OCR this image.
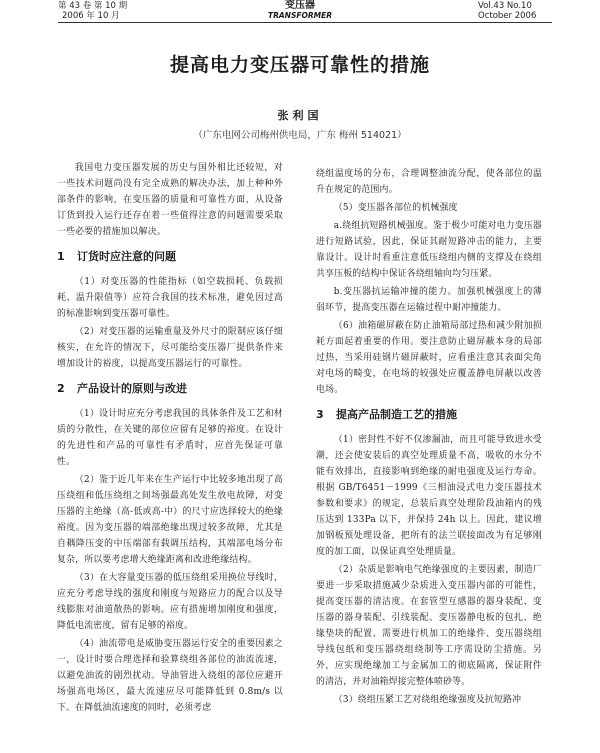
第 43 卷 第 10 期
2006 年 10 月
变压器
TRANSFORMER
Vol.43 No.10
October 2006
提高电力变压器可靠性的措施
张利国
（广东电网公司梅州供电局，广东 梅州 514021）

我国电力变压器发展的历史与国外相比还较短，对一些技术问题尚没有完全成熟的解决办法，加上种种外部条件的影响，在变压器的质量和可靠性方面，从设备订货到投入运行还存在着一些值得注意的问题需要采取一些必要的措施加以解决。

1 订货时应注意的问题

（1）对变压器的性能指标（如空载损耗、负载损耗、温升限值等）应符合我国的技术标准，避免因过高的标准影响到变压器可靠性。

（2）对变压器的运输重量及外尺寸的限制应该仔细核实，在允许的情况下，尽可能给变压器厂提供条件来增加设计的裕度，以提高变压器运行的可靠性。

2 产品设计的原则与改进

（1）设计时应充分考虑我国的具体条件及工艺和材质的分散性，在关键的部位应留有足够的裕度。在设计的先进性和产品的可靠性有矛盾时，应首先保证可靠性。

（2）鉴于近几年来在生产运行中比较多地出现了高压绕组和低压绕组之间场强最高处发生放电故障，对变压器的主绝缘（高-低或高-中）的尺寸应选择较大的绝缘裕度。因为变压器的端部绝缘出现过较多故障，尤其是自耦降压变的中压端部有载调压结构，其端部电场分布复杂，所以要考虑增大绝缘距离和改进绝缘结构。

（3）在大容量变压器的低压绕组采用换位导线时，应充分考虑导线的强度和刚度与短路应力的配合以及导线膨胀对油道散热的影响。应有措施增加刚度和强度，降低电流密度，留有足够的裕度。

（4）油流带电是威胁变压器运行安全的重要因素之一，设计时要合理选择和验算绕组各部位的油流流速，以避免油流的剧烈扰动。导油管进入绕组的部位应避开场强高电场区，最大流速应尽可能降低到 0.8m/s 以下。在降低油流速度的同时，必须考虑

绕组温度场的分布，合理调整油流分配，使各部位的温升在规定的范围内。

（5）变压器各部位的机械强度

a.绕组抗短路机械强度。鉴于极少可能对电力变压器进行短路试验，因此，保证其耐短路冲击的能力，主要靠设计。设计时看重注意低压绕组内侧的支撑及在绕组共享压板的结构中保证各绕组轴向均匀压紧。

b.变压器抗运输冲撞的能力。加强机械强度上的薄弱环节，提高变压器在运输过程中耐冲撞能力。

（6）油箱磁屏蔽在防止油箱局部过热和减少附加损耗方面起着重要的作用。要注意防止磁屏蔽本身的局部过热，当采用硅钢片磁屏蔽时，应看重注意其表面尖角对电场的畸变，在电场的较强处应覆盖静电屏蔽以改善电场。

3 提高产品制造工艺的措施

（1）密封性不好不仅渗漏油，而且可能导致进水受潮，还会使安装后的真空处理质量不高，吸收的水分不能有效排出，直接影响到绝缘的耐电强度及运行寿命。根据 GB/T6451－1999《三相油浸式电力变压器技术参数和要求》的规定，总装后真空处理阶段油箱内的残压达到 133Pa 以下，并保持 24h 以上。因此，建议增加钢板预处理设备，把所有的法兰联接面改为有足够刚度的加工面，以保证真空处理质量。

（2）杂质是影响电气绝缘强度的主要因素，制造厂要进一步采取措施减少杂质进入变压器内部的可能性，提高变压器的清洁度。在套管型互感器的器身装配、变压器的器身装配、引线装配、变压器静电板的包扎、绝缘垫块的配置、需要进行机加工的绝缘件、变压器绕组导线包纸和变压器绕组绕制等工序需设防尘措施。另外，应实现绝缘加工与金属加工的彻底隔离，保证附件的清洁，并对油箱焊接完整体喷砂等。

（3）绕组压紧工艺对绕组绝缘强度及抗短路冲
